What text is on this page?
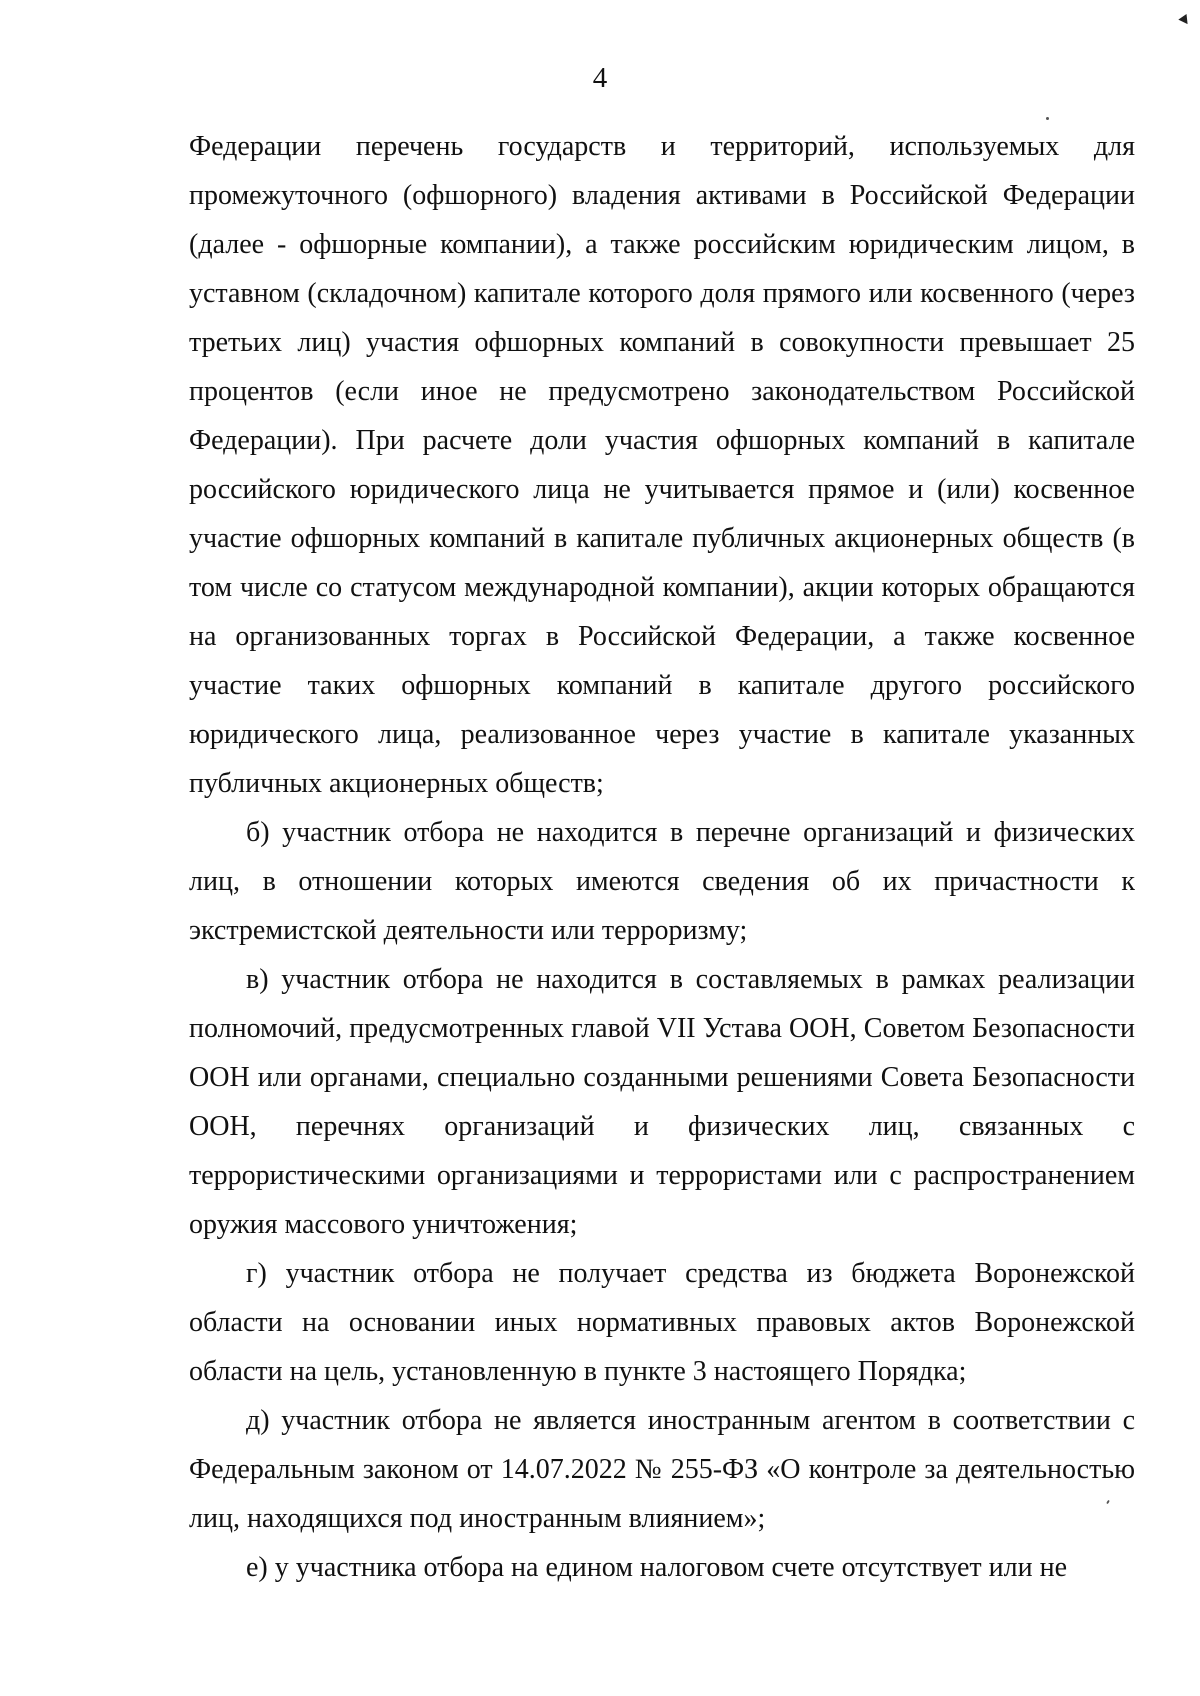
4

Федерации перечень государств и территорий, используемых для промежуточного (офшорного) владения активами в Российской Федерации (далее - офшорные компании), а также российским юридическим лицом, в уставном (складочном) капитале которого доля прямого или косвенного (через третьих лиц) участия офшорных компаний в совокупности превышает 25 процентов (если иное не предусмотрено законодательством Российской Федерации). При расчете доли участия офшорных компаний в капитале российского юридического лица не учитывается прямое и (или) косвенное участие офшорных компаний в капитале публичных акционерных обществ (в том числе со статусом международной компании), акции которых обращаются на организованных торгах в Российской Федерации, а также косвенное участие таких офшорных компаний в капитале другого российского юридического лица, реализованное через участие в капитале указанных публичных акционерных обществ;

б) участник отбора не находится в перечне организаций и физических лиц, в отношении которых имеются сведения об их причастности к экстремистской деятельности или терроризму;

в) участник отбора не находится в составляемых в рамках реализации полномочий, предусмотренных главой VII Устава ООН, Советом Безопасности ООН или органами, специально созданными решениями Совета Безопасности ООН, перечнях организаций и физических лиц, связанных с террористическими организациями и террористами или с распространением оружия массового уничтожения;

г) участник отбора не получает средства из бюджета Воронежской области на основании иных нормативных правовых актов Воронежской области на цель, установленную в пункте 3 настоящего Порядка;

д) участник отбора не является иностранным агентом в соответствии с Федеральным законом от 14.07.2022 № 255-ФЗ «О контроле за деятельностью лиц, находящихся под иностранным влиянием»;

е) у участника отбора на едином налоговом счете отсутствует или не
